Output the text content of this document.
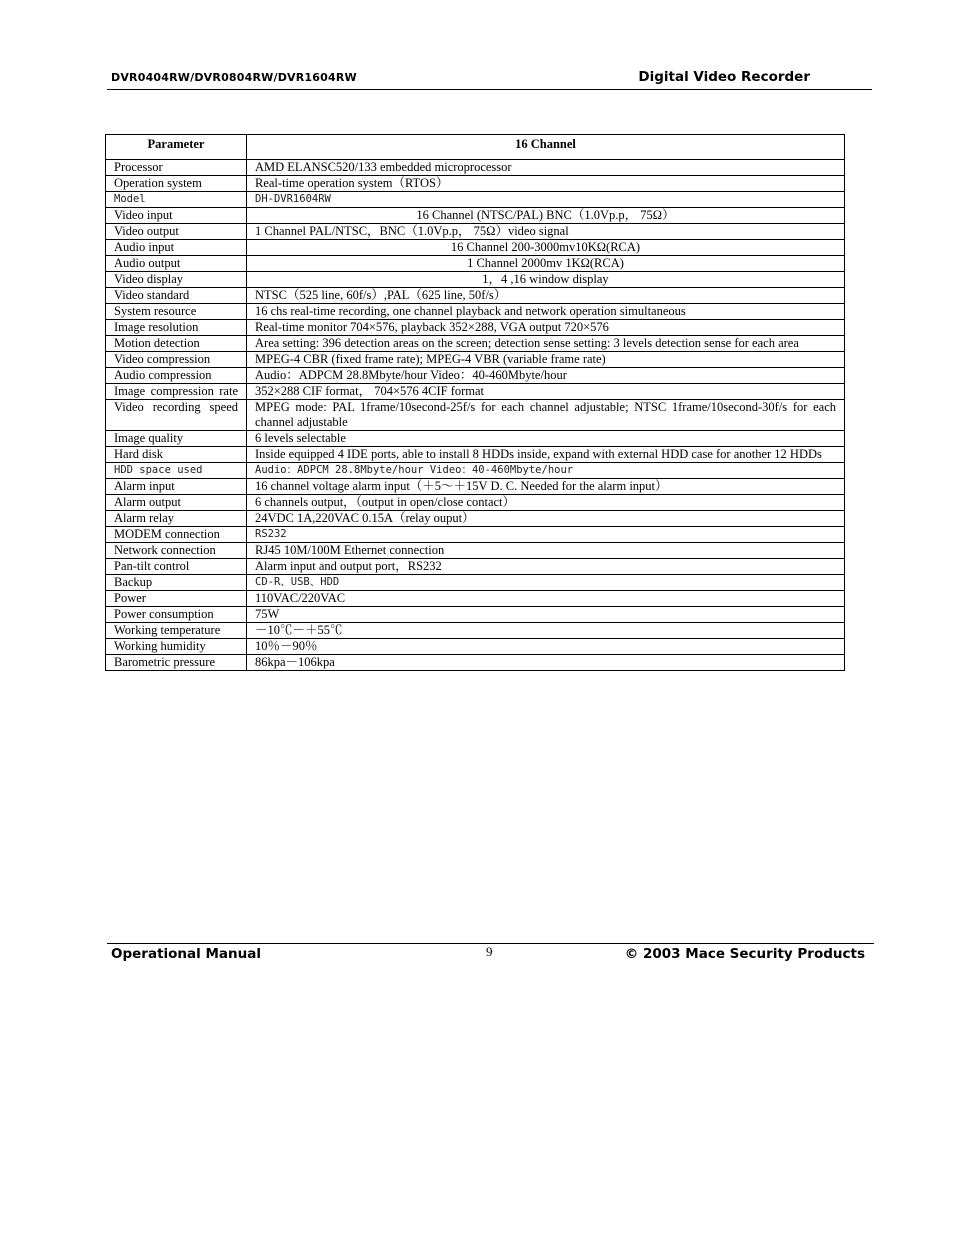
DVR0404RW/DVR0804RW/DVR1604RW	Digital Video Recorder
Parameter	16 Channel
Processor	AMD ELANSC520/133 embedded microprocessor
Operation system	Real-time operation system（RTOS）
Model	DH-DVR1604RW
Video input	16 Channel (NTSC/PAL) BNC（1.0Vp.p， 75Ω）
Video output	1 Channel PAL/NTSC，BNC（1.0Vp.p， 75Ω）video signal
Audio input	16 Channel 200-3000mv10KΩ(RCA)
Audio output	1 Channel 2000mv 1KΩ(RCA)
Video display	1，4 ,16 window display
Video standard	NTSC（525 line, 60f/s）,PAL（625 line, 50f/s）
System resource	16 chs real-time recording, one channel playback and network operation simultaneous
Image resolution	Real-time monitor 704×576, playback 352×288, VGA output 720×576
Motion detection	Area setting: 396 detection areas on the screen; detection sense setting: 3 levels detection sense for each area
Video compression	MPEG-4 CBR (fixed frame rate); MPEG-4 VBR (variable frame rate)
Audio compression	Audio：ADPCM 28.8Mbyte/hour Video：40-460Mbyte/hour
Image compression rate	352×288 CIF format， 704×576 4CIF format
Video recording speed	MPEG mode: PAL 1frame/10second-25f/s for each channel adjustable; NTSC 1frame/10second-30f/s for each channel adjustable
Image quality	6 levels selectable
Hard disk	Inside equipped 4 IDE ports, able to install 8 HDDs inside, expand with external HDD case for another 12 HDDs
HDD space used	Audio：ADPCM 28.8Mbyte/hour Video：40-460Mbyte/hour
Alarm input	16 channel voltage alarm input（＋5～＋15V D. C. Needed for the alarm input）
Alarm output	6 channels output，（output in open/close contact）
Alarm relay	24VDC 1A,220VAC 0.15A（relay ouput）
MODEM connection	RS232
Network connection	RJ45 10M/100M Ethernet connection
Pan-tilt control	Alarm input and output port，RS232
Backup	CD-R、USB、HDD
Power	110VAC/220VAC
Power consumption	75W
Working temperature	－10℃－＋55℃
Working humidity	10％－90％
Barometric pressure	86kpa－106kpa
Operational Manual	9	© 2003 Mace Security Products
